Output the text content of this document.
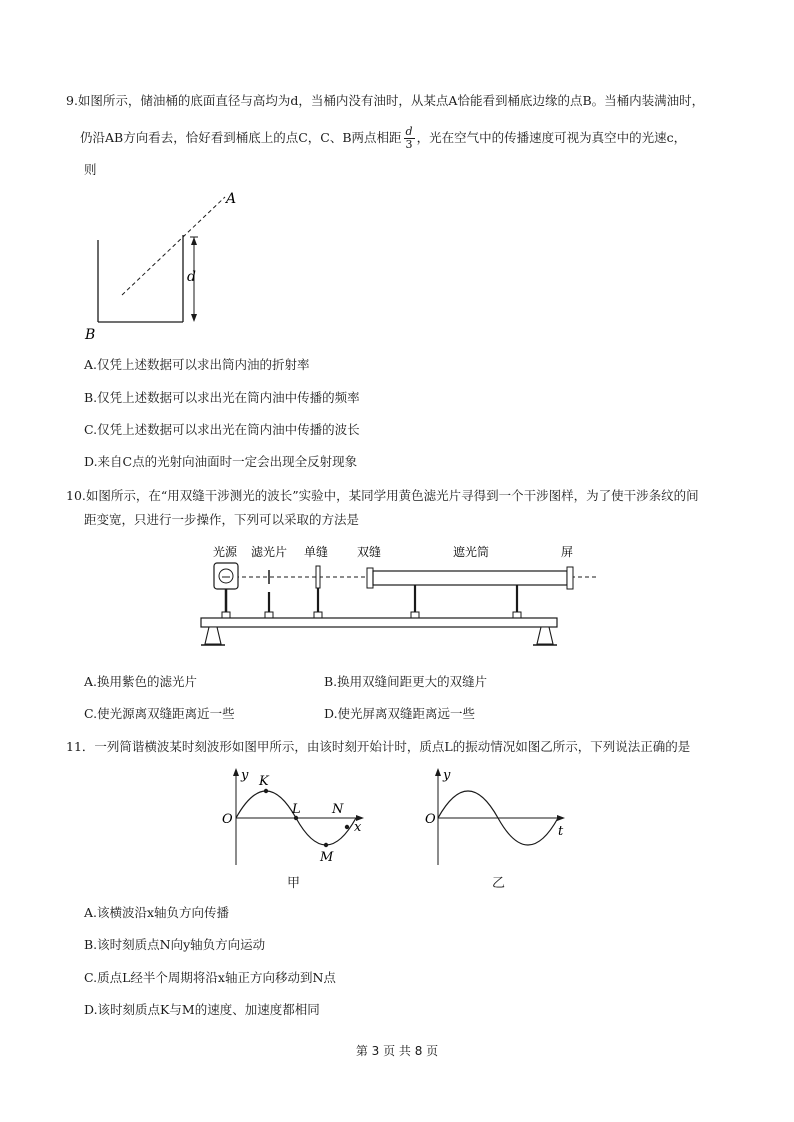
9.如图所示，储油桶的底面直径与高均为d，当桶内没有油时，从某点A恰能看到桶底边缘的点B。当桶内装满油时，
仍沿AB方向看去，恰好看到桶底上的点C，C、B两点相距 $\frac{d}{3}$ ，光在空气中的传播速度可视为真空中的光速c，
则
d
A
B
A.仅凭上述数据可以求出筒内油的折射率
B.仅凭上述数据可以求出光在筒内油中传播的频率
C.仅凭上述数据可以求出光在筒内油中传播的波长
D.来自C点的光射向油面时一定会出现全反射现象
10.如图所示，在“用双缝干涉测光的波长”实验中，某同学用黄色滤光片寻得到一个干涉图样，为了使干涉条纹的间
距变宽，只进行一步操作，下列可以采取的方法是
光源 滤光片 单缝 双缝	遮光筒	屏
A.换用紫色的滤光片	B.换用双缝间距更大的双缝片
C.使光源离双缝距离近一些	D.使光屏离双缝距离远一些
11．一列简谐横波某时刻波形如图甲所示，由该时刻开始计时，质点L的振动情况如图乙所示，下列说法正确的是
y
O
K
L
M
N
x
甲
y
O
t
乙
A.该横波沿x轴负方向传播
B.该时刻质点N向y轴负方向运动
C.质点L经半个周期将沿x轴正方向移动到N点
D.该时刻质点K与M的速度、加速度都相同
第 3 页 共 8 页
